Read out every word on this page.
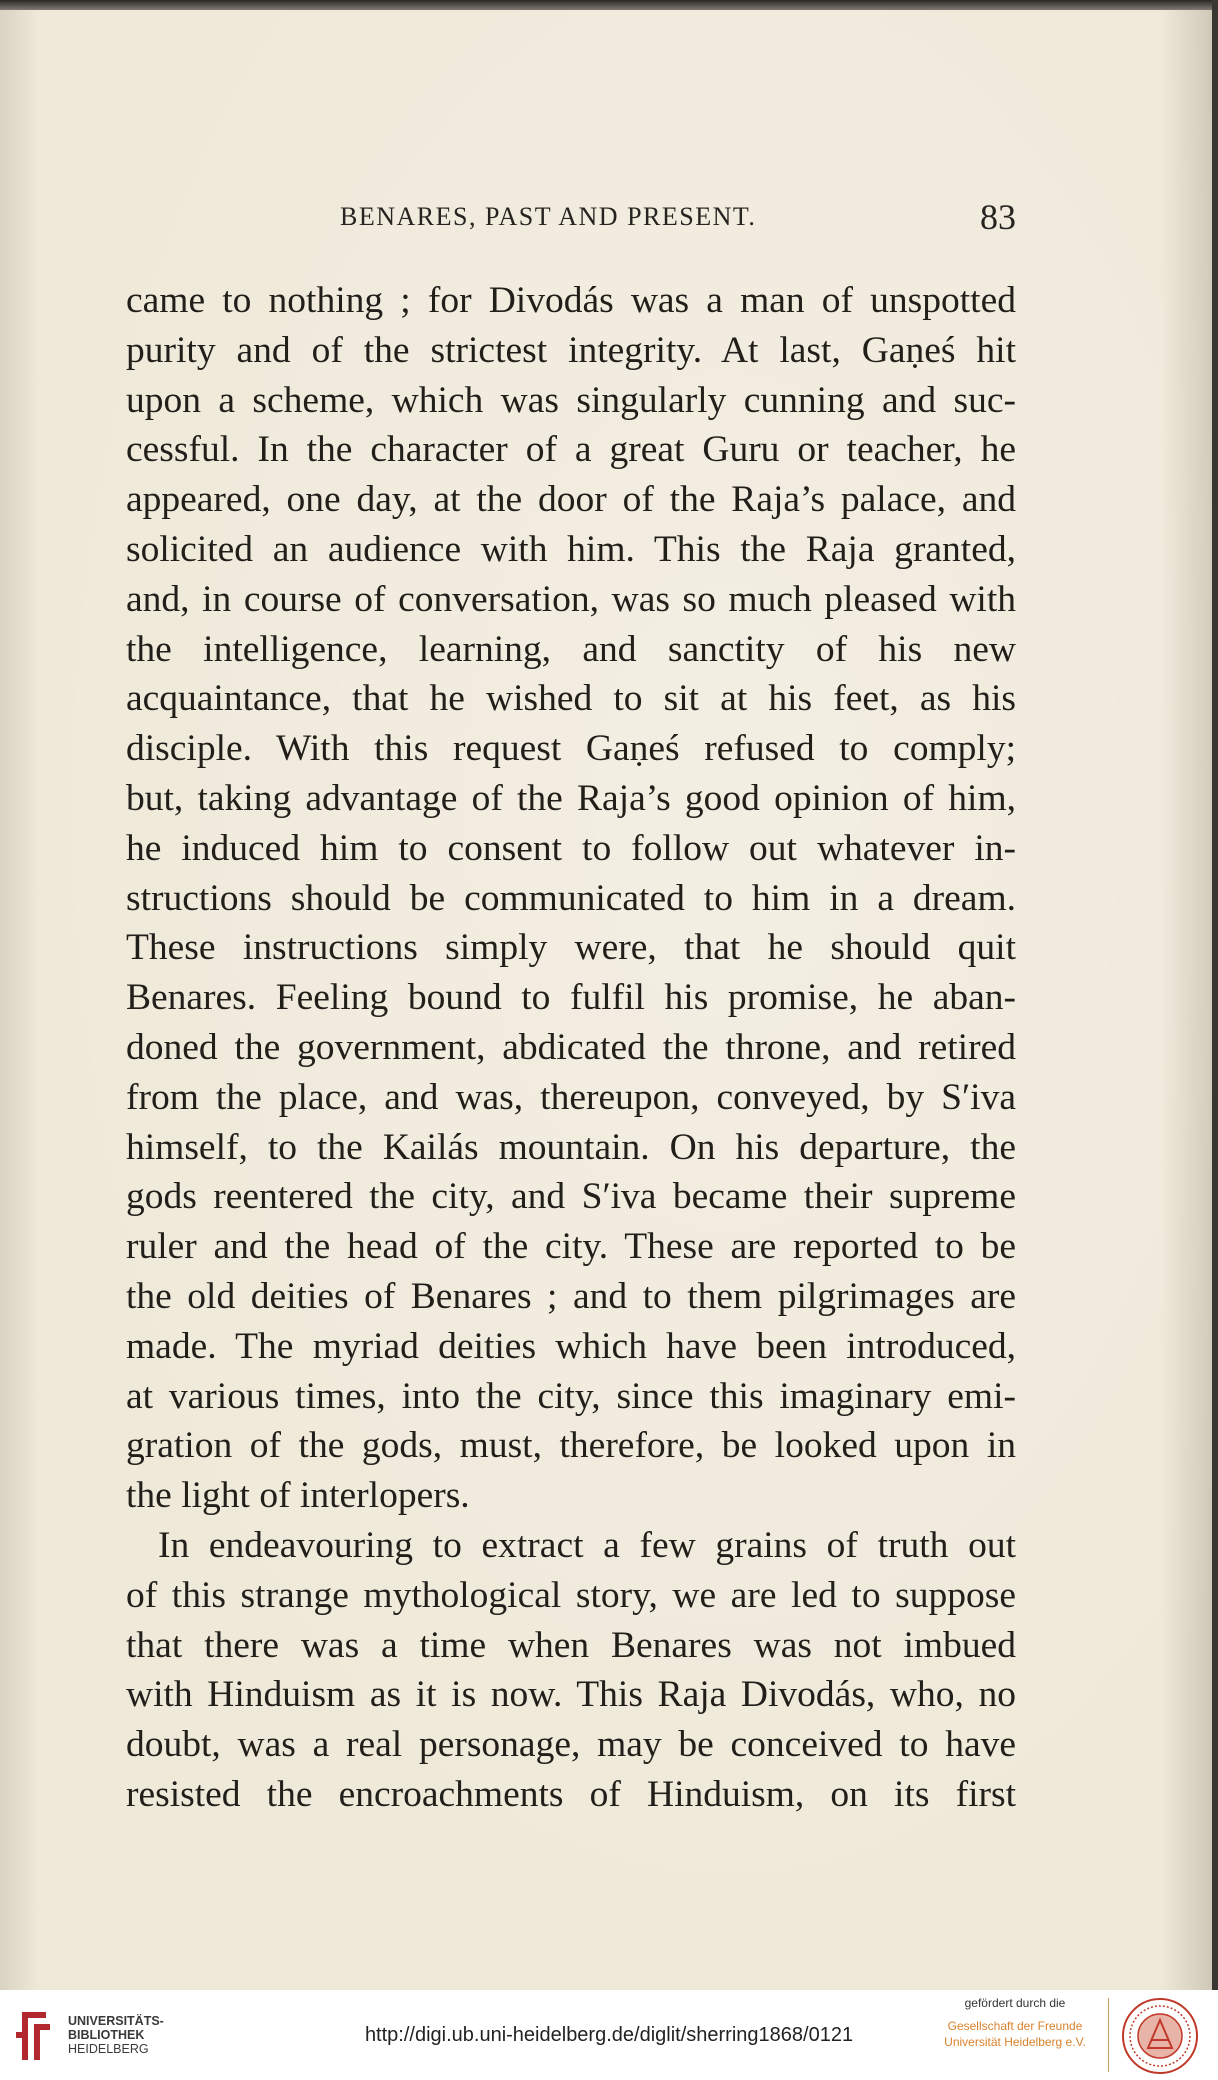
BENARES, PAST AND PRESENT.	83
came to nothing ; for Divodás was a man of unspotted
purity and of the strictest integrity. At last, Gaṇeś hit
upon a scheme, which was singularly cunning and suc-
cessful. In the character of a great Guru or teacher, he
appeared, one day, at the door of the Raja’s palace, and
solicited an audience with him. This the Raja granted,
and, in course of conversation, was so much pleased with
the intelligence, learning, and sanctity of his new
acquaintance, that he wished to sit at his feet, as his
disciple. With this request Gaṇeś refused to comply;
but, taking advantage of the Raja’s good opinion of him,
he induced him to consent to follow out whatever in-
structions should be communicated to him in a dream.
These instructions simply were, that he should quit
Benares. Feeling bound to fulfil his promise, he aban-
doned the government, abdicated the throne, and retired
from the place, and was, thereupon, conveyed, by S′iva
himself, to the Kailás mountain. On his departure, the
gods reentered the city, and S′iva became their supreme
ruler and the head of the city. These are reported to be
the old deities of Benares ; and to them pilgrimages are
made. The myriad deities which have been introduced,
at various times, into the city, since this imaginary emi-
gration of the gods, must, therefore, be looked upon in
the light of interlopers.
In endeavouring to extract a few grains of truth out
of this strange mythological story, we are led to suppose
that there was a time when Benares was not imbued
with Hinduism as it is now. This Raja Divodás, who, no
doubt, was a real personage, may be conceived to have
resisted the encroachments of Hinduism, on its first
UNIVERSITÄTS-
BIBLIOTHEK
HEIDELBERG
http://digi.ub.uni-heidelberg.de/diglit/sherring1868/0121
gefördert durch die
Gesellschaft der Freunde
Universität Heidelberg e.V.
